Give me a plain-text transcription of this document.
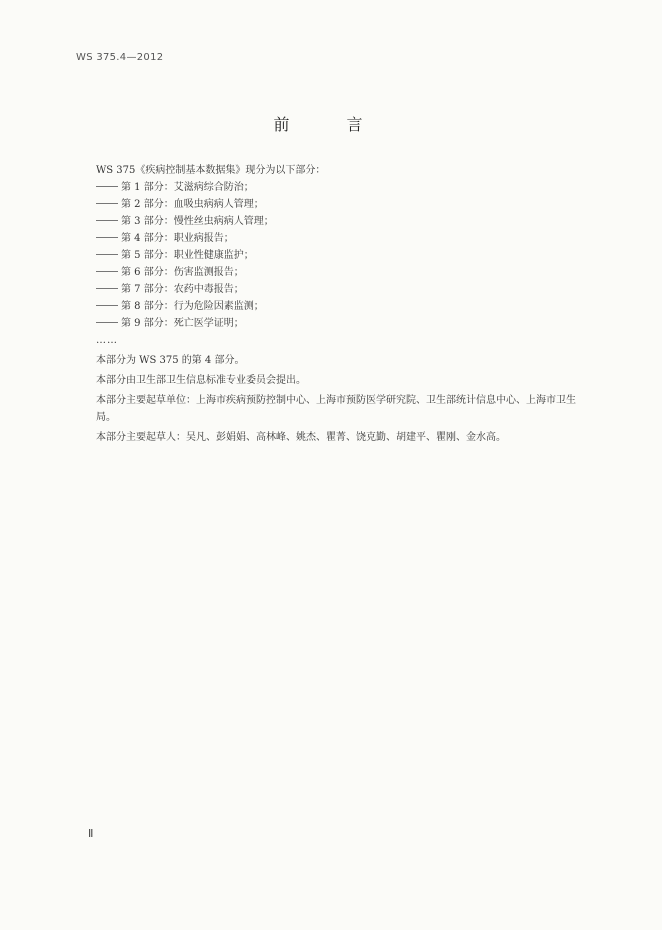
WS 375.4—2012
前 言
WS 375《疾病控制基本数据集》现分为以下部分：
第 1 部分：艾滋病综合防治；
第 2 部分：血吸虫病病人管理；
第 3 部分：慢性丝虫病病人管理；
第 4 部分：职业病报告；
第 5 部分：职业性健康监护；
第 6 部分：伤害监测报告；
第 7 部分：农药中毒报告；
第 8 部分：行为危险因素监测；
第 9 部分：死亡医学证明；
……
本部分为 WS 375 的第 4 部分。
本部分由卫生部卫生信息标准专业委员会提出。
本部分主要起草单位：上海市疾病预防控制中心、上海市预防医学研究院、卫生部统计信息中心、上海市卫生局。
本部分主要起草人：吴凡、彭娟娟、高林峰、姚杰、瞿菁、饶克勤、胡建平、瞿刚、金水高。
Ⅱ
